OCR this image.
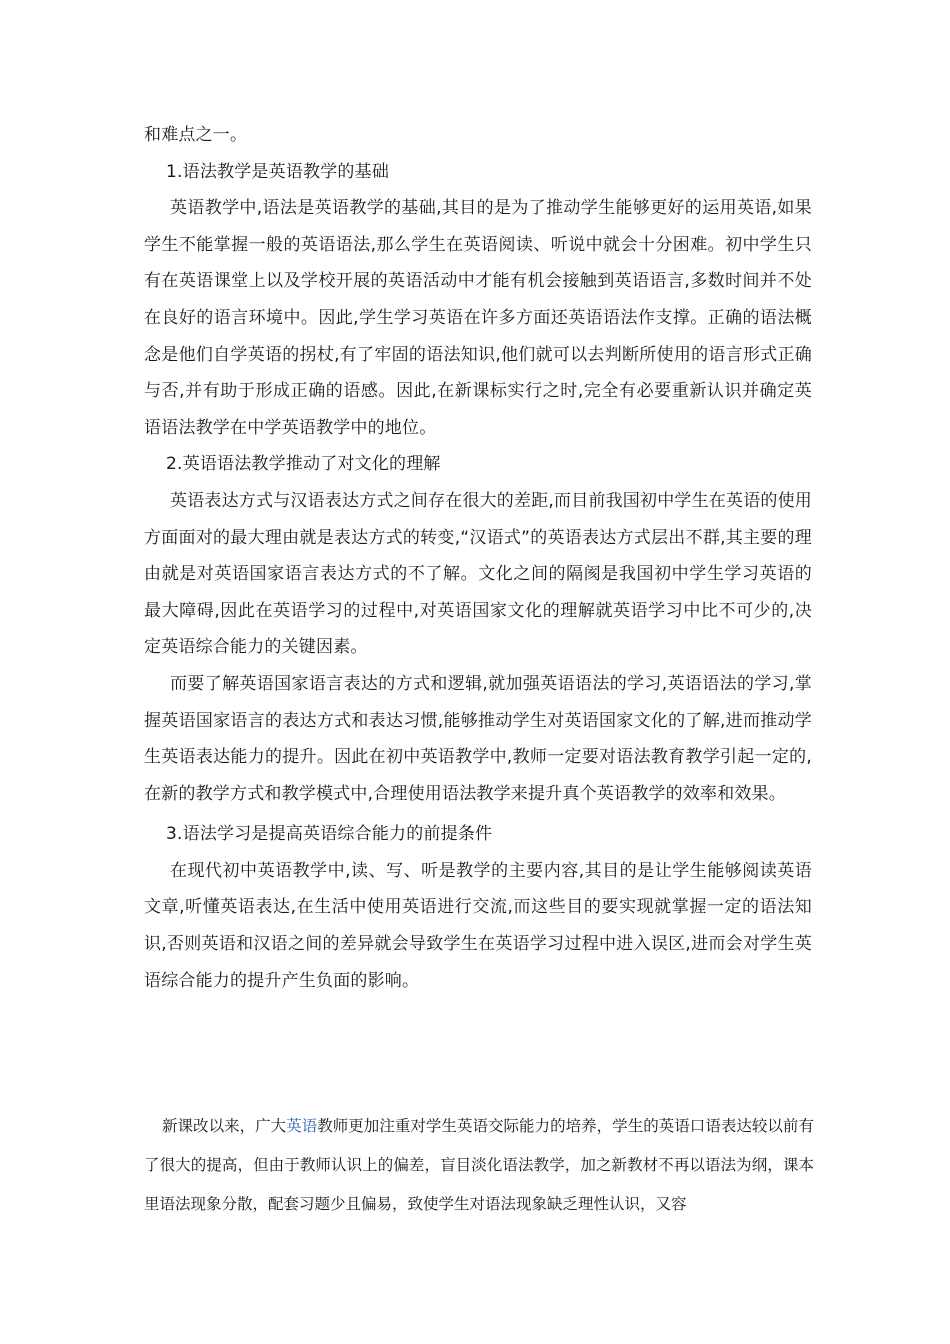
和难点之一。

1.语法教学是英语教学的基础

英语教学中,语法是英语教学的基础,其目的是为了推动学生能够更好的运用英语,如果学生不能掌握一般的英语语法,那么学生在英语阅读、听说中就会十分困难。初中学生只有在英语课堂上以及学校开展的英语活动中才能有机会接触到英语语言,多数时间并不处在良好的语言环境中。因此,学生学习英语在许多方面还英语语法作支撑。正确的语法概念是他们自学英语的拐杖,有了牢固的语法知识,他们就可以去判断所使用的语言形式正确与否,并有助于形成正确的语感。因此,在新课标实行之时,完全有必要重新认识并确定英语语法教学在中学英语教学中的地位。

2.英语语法教学推动了对文化的理解

英语表达方式与汉语表达方式之间存在很大的差距,而目前我国初中学生在英语的使用方面面对的最大理由就是表达方式的转变,“汉语式”的英语表达方式层出不群,其主要的理由就是对英语国家语言表达方式的不了解。文化之间的隔阂是我国初中学生学习英语的最大障碍,因此在英语学习的过程中,对英语国家文化的理解就英语学习中比不可少的,决定英语综合能力的关键因素。

而要了解英语国家语言表达的方式和逻辑,就加强英语语法的学习,英语语法的学习,掌握英语国家语言的表达方式和表达习惯,能够推动学生对英语国家文化的了解,进而推动学生英语表达能力的提升。因此在初中英语教学中,教师一定要对语法教育教学引起一定的,在新的教学方式和教学模式中,合理使用语法教学来提升真个英语教学的效率和效果。

3.语法学习是提高英语综合能力的前提条件

在现代初中英语教学中,读、写、听是教学的主要内容,其目的是让学生能够阅读英语文章,听懂英语表达,在生活中使用英语进行交流,而这些目的要实现就掌握一定的语法知识,否则英语和汉语之间的差异就会导致学生在英语学习过程中进入误区,进而会对学生英语综合能力的提升产生负面的影响。

新课改以来，广大英语教师更加注重对学生英语交际能力的培养，学生的英语口语表达较以前有了很大的提高，但由于教师认识上的偏差，盲目淡化语法教学，加之新教材不再以语法为纲，课本里语法现象分散，配套习题少且偏易，致使学生对语法现象缺乏理性认识，又容
